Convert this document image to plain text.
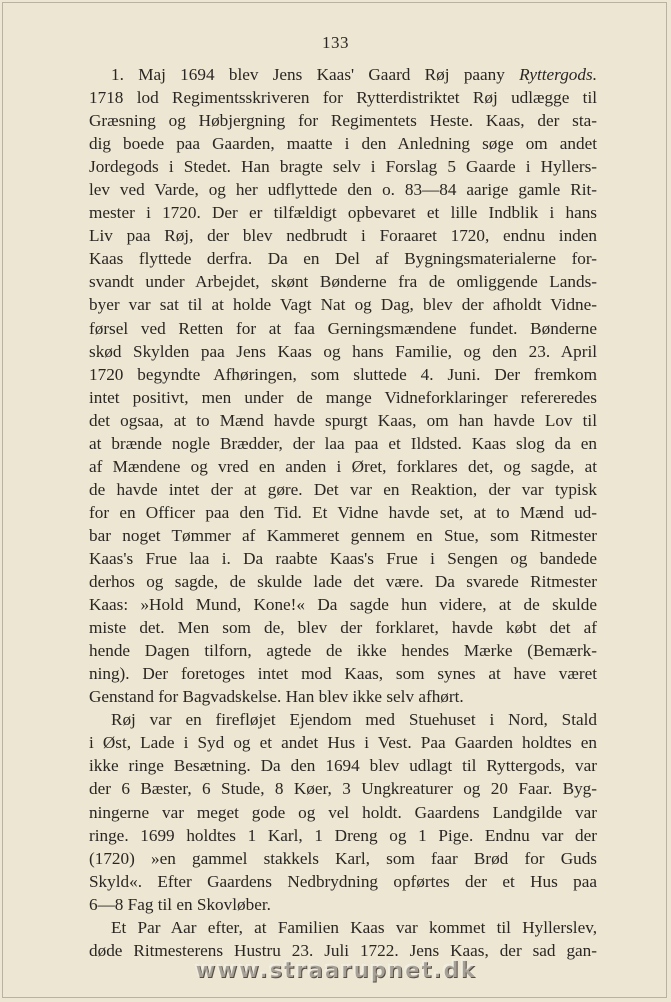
133
1. Maj 1694 blev Jens Kaas' Gaard Røj paany Ryttergods.
1718 lod Regimentsskriveren for Rytterdistriktet Røj udlægge til
Græsning og Høbjergning for Regimentets Heste. Kaas, der sta-
dig boede paa Gaarden, maatte i den Anledning søge om andet
Jordegods i Stedet. Han bragte selv i Forslag 5 Gaarde i Hyllers-
lev ved Varde, og her udflyttede den o. 83—84 aarige gamle Rit-
mester i 1720. Der er tilfældigt opbevaret et lille Indblik i hans
Liv paa Røj, der blev nedbrudt i Foraaret 1720, endnu inden
Kaas flyttede derfra. Da en Del af Bygningsmaterialerne for-
svandt under Arbejdet, skønt Bønderne fra de omliggende Lands-
byer var sat til at holde Vagt Nat og Dag, blev der afholdt Vidne-
førsel ved Retten for at faa Gerningsmændene fundet. Bønderne
skød Skylden paa Jens Kaas og hans Familie, og den 23. April
1720 begyndte Afhøringen, som sluttede 4. Juni. Der fremkom
intet positivt, men under de mange Vidneforklaringer refereredes
det ogsaa, at to Mænd havde spurgt Kaas, om han havde Lov til
at brænde nogle Brædder, der laa paa et Ildsted. Kaas slog da en
af Mændene og vred en anden i Øret, forklares det, og sagde, at
de havde intet der at gøre. Det var en Reaktion, der var typisk
for en Officer paa den Tid. Et Vidne havde set, at to Mænd ud-
bar noget Tømmer af Kammeret gennem en Stue, som Ritmester
Kaas's Frue laa i. Da raabte Kaas's Frue i Sengen og bandede
derhos og sagde, de skulde lade det være. Da svarede Ritmester
Kaas: »Hold Mund, Kone!« Da sagde hun videre, at de skulde
miste det. Men som de, blev der forklaret, havde købt det af
hende Dagen tilforn, agtede de ikke hendes Mærke (Bemærk-
ning). Der foretoges intet mod Kaas, som synes at have været
Genstand for Bagvadskelse. Han blev ikke selv afhørt.
Røj var en firefløjet Ejendom med Stuehuset i Nord, Stald
i Øst, Lade i Syd og et andet Hus i Vest. Paa Gaarden holdtes en
ikke ringe Besætning. Da den 1694 blev udlagt til Ryttergods, var
der 6 Bæster, 6 Stude, 8 Køer, 3 Ungkreaturer og 20 Faar. Byg-
ningerne var meget gode og vel holdt. Gaardens Landgilde var
ringe. 1699 holdtes 1 Karl, 1 Dreng og 1 Pige. Endnu var der
(1720) »en gammel stakkels Karl, som faar Brød for Guds
Skyld«. Efter Gaardens Nedbrydning opførtes der et Hus paa
6—8 Fag til en Skovløber.
Et Par Aar efter, at Familien Kaas var kommet til Hyllerslev,
døde Ritmesterens Hustru 23. Juli 1722. Jens Kaas, der sad gan-
www.straarupnet.dk
